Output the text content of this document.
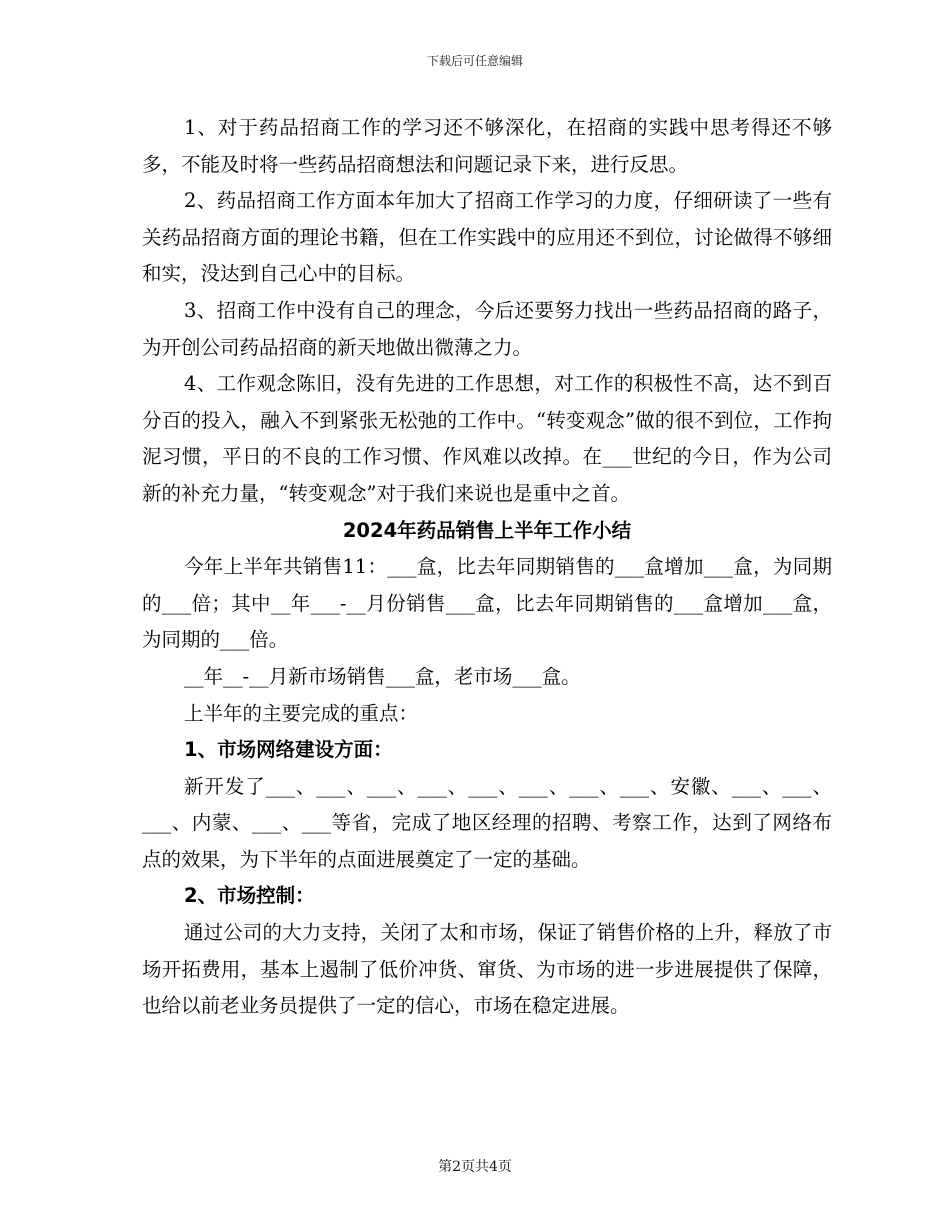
下载后可任意编辑

1、对于药品招商工作的学习还不够深化，在招商的实践中思考得还不够多，不能及时将一些药品招商想法和问题记录下来，进行反思。

2、药品招商工作方面本年加大了招商工作学习的力度，仔细研读了一些有关药品招商方面的理论书籍，但在工作实践中的应用还不到位，讨论做得不够细和实，没达到自己心中的目标。

3、招商工作中没有自己的理念，今后还要努力找出一些药品招商的路子，为开创公司药品招商的新天地做出微薄之力。

4、工作观念陈旧，没有先进的工作思想，对工作的积极性不高，达不到百分百的投入，融入不到紧张无松弛的工作中。“转变观念”做的很不到位，工作拘泥习惯，平日的不良的工作习惯、作风难以改掉。在___世纪的今日，作为公司新的补充力量，“转变观念”对于我们来说也是重中之首。

2024年药品销售上半年工作小结

今年上半年共销售11：___盒，比去年同期销售的___盒增加___盒，为同期的___倍；其中__年___-__月份销售___盒，比去年同期销售的___盒增加___盒，为同期的___倍。

__年__-__月新市场销售___盒，老市场___盒。

上半年的主要完成的重点：

1、市场网络建设方面：

新开发了___、___、___、___、___、___、___、___、安徽、___、___、___、内蒙、___、___等省，完成了地区经理的招聘、考察工作，达到了网络布点的效果，为下半年的点面进展奠定了一定的基础。

2、市场控制：

通过公司的大力支持，关闭了太和市场，保证了销售价格的上升，释放了市场开拓费用，基本上遏制了低价冲货、窜货、为市场的进一步进展提供了保障，也给以前老业务员提供了一定的信心，市场在稳定进展。

第2页共4页
